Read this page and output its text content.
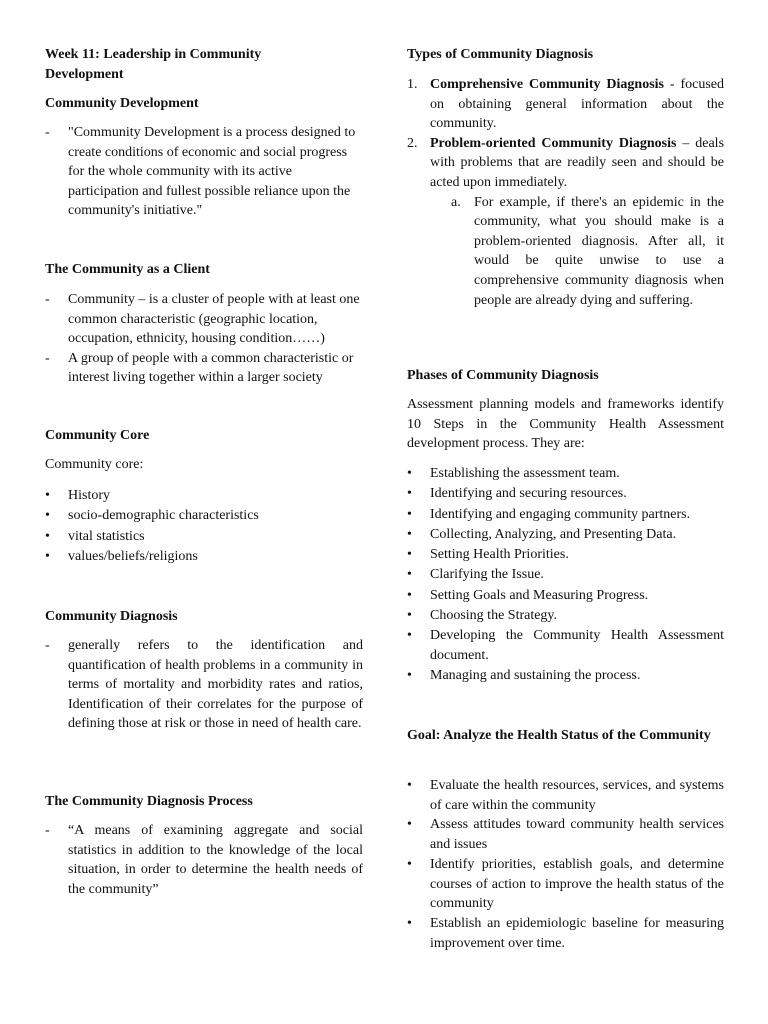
Week 11: Leadership in Community Development
Community Development
- "Community Development is a process designed to create conditions of economic and social progress for the whole community with its active participation and fullest possible reliance upon the community's initiative."
The Community as a Client
- Community – is a cluster of people with at least one common characteristic (geographic location, occupation, ethnicity, housing condition……)
- A group of people with a common characteristic or interest living together within a larger society
Community Core

Community core:

• History
• socio-demographic characteristics
• vital statistics
• values/beliefs/religions
Community Diagnosis
- generally refers to the identification and quantification of health problems in a community in terms of mortality and morbidity rates and ratios, Identification of their correlates for the purpose of defining those at risk or those in need of health care.
The Community Diagnosis Process
- “A means of examining aggregate and social statistics in addition to the knowledge of the local situation, in order to determine the health needs of the community”
Types of Community Diagnosis
1. Comprehensive Community Diagnosis - focused on obtaining general information about the community.
2. Problem-oriented Community Diagnosis – deals with problems that are readily seen and should be acted upon immediately.
a. For example, if there's an epidemic in the community, what you should make is a problem-oriented diagnosis. After all, it would be quite unwise to use a comprehensive community diagnosis when people are already dying and suffering.
Phases of Community Diagnosis

Assessment planning models and frameworks identify 10 Steps in the Community Health Assessment development process. They are:

• Establishing the assessment team.
• Identifying and securing resources.
• Identifying and engaging community partners.
• Collecting, Analyzing, and Presenting Data.
• Setting Health Priorities.
• Clarifying the Issue.
• Setting Goals and Measuring Progress.
• Choosing the Strategy.
• Developing the Community Health Assessment document.
• Managing and sustaining the process.
Goal: Analyze the Health Status of the Community
• Evaluate the health resources, services, and systems of care within the community
• Assess attitudes toward community health services and issues
• Identify priorities, establish goals, and determine courses of action to improve the health status of the community
• Establish an epidemiologic baseline for measuring improvement over time.
